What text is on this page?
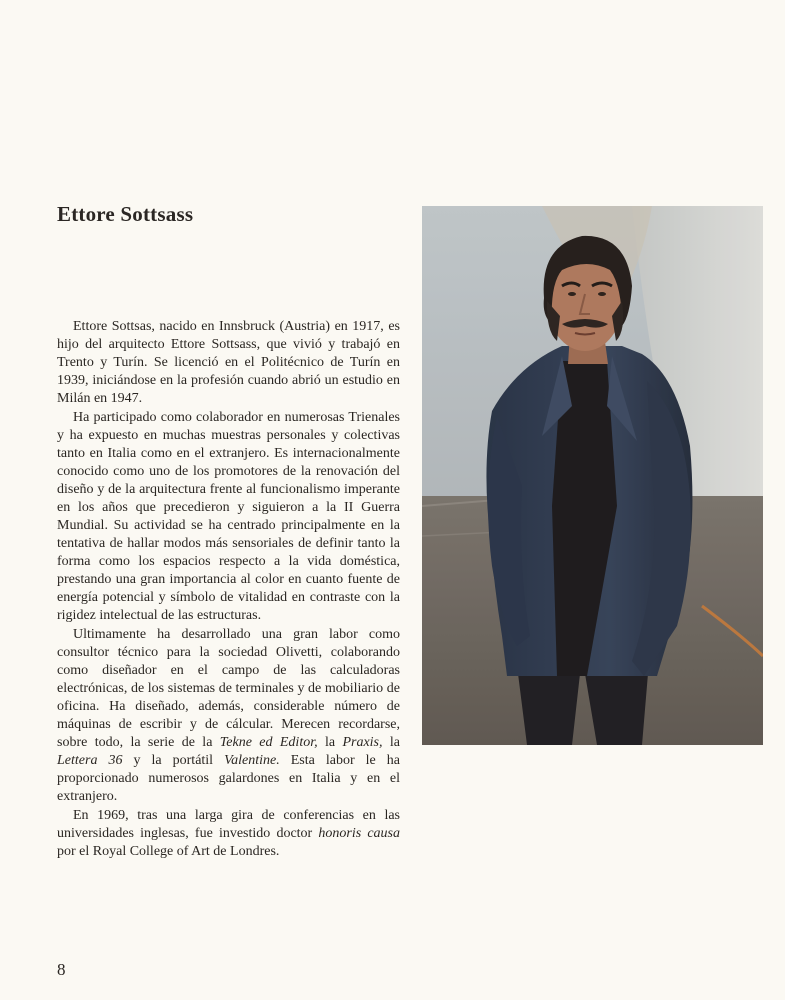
Ettore Sottsass

Ettore Sottsas, nacido en Innsbruck (Austria) en 1917, es hijo del arquitecto Ettore Sottsass, que vivió y trabajó en Trento y Turín. Se licenció en el Politécnico de Turín en 1939, iniciándose en la profesión cuando abrió un estudio en Milán en 1947.

Ha participado como colaborador en numerosas Trienales y ha expuesto en muchas muestras personales y colectivas tanto en Italia como en el extranjero. Es internacionalmente conocido como uno de los promotores de la renovación del diseño y de la arquitectura frente al funcionalismo imperante en los años que precedieron y siguieron a la II Guerra Mundial. Su actividad se ha centrado principalmente en la tentativa de hallar modos más sensoriales de definir tanto la forma como los espacios respecto a la vida doméstica, prestando una gran importancia al color en cuanto fuente de energía potencial y símbolo de vitalidad en contraste con la rigidez intelectual de las estructuras.

Ultimamente ha desarrollado una gran labor como consultor técnico para la sociedad Olivetti, colaborando como diseñador en el campo de las calculadoras electrónicas, de los sistemas de terminales y de mobiliario de oficina. Ha diseñado, además, considerable número de máquinas de escribir y de cálcular. Merecen recordarse, sobre todo, la serie de la Tekne ed Editor, la Praxis, la Lettera 36 y la portátil Valentine. Esta labor le ha proporcionado numerosos galardones en Italia y en el extranjero.

En 1969, tras una larga gira de conferencias en las universidades inglesas, fue investido doctor honoris causa por el Royal College of Art de Londres.

8
